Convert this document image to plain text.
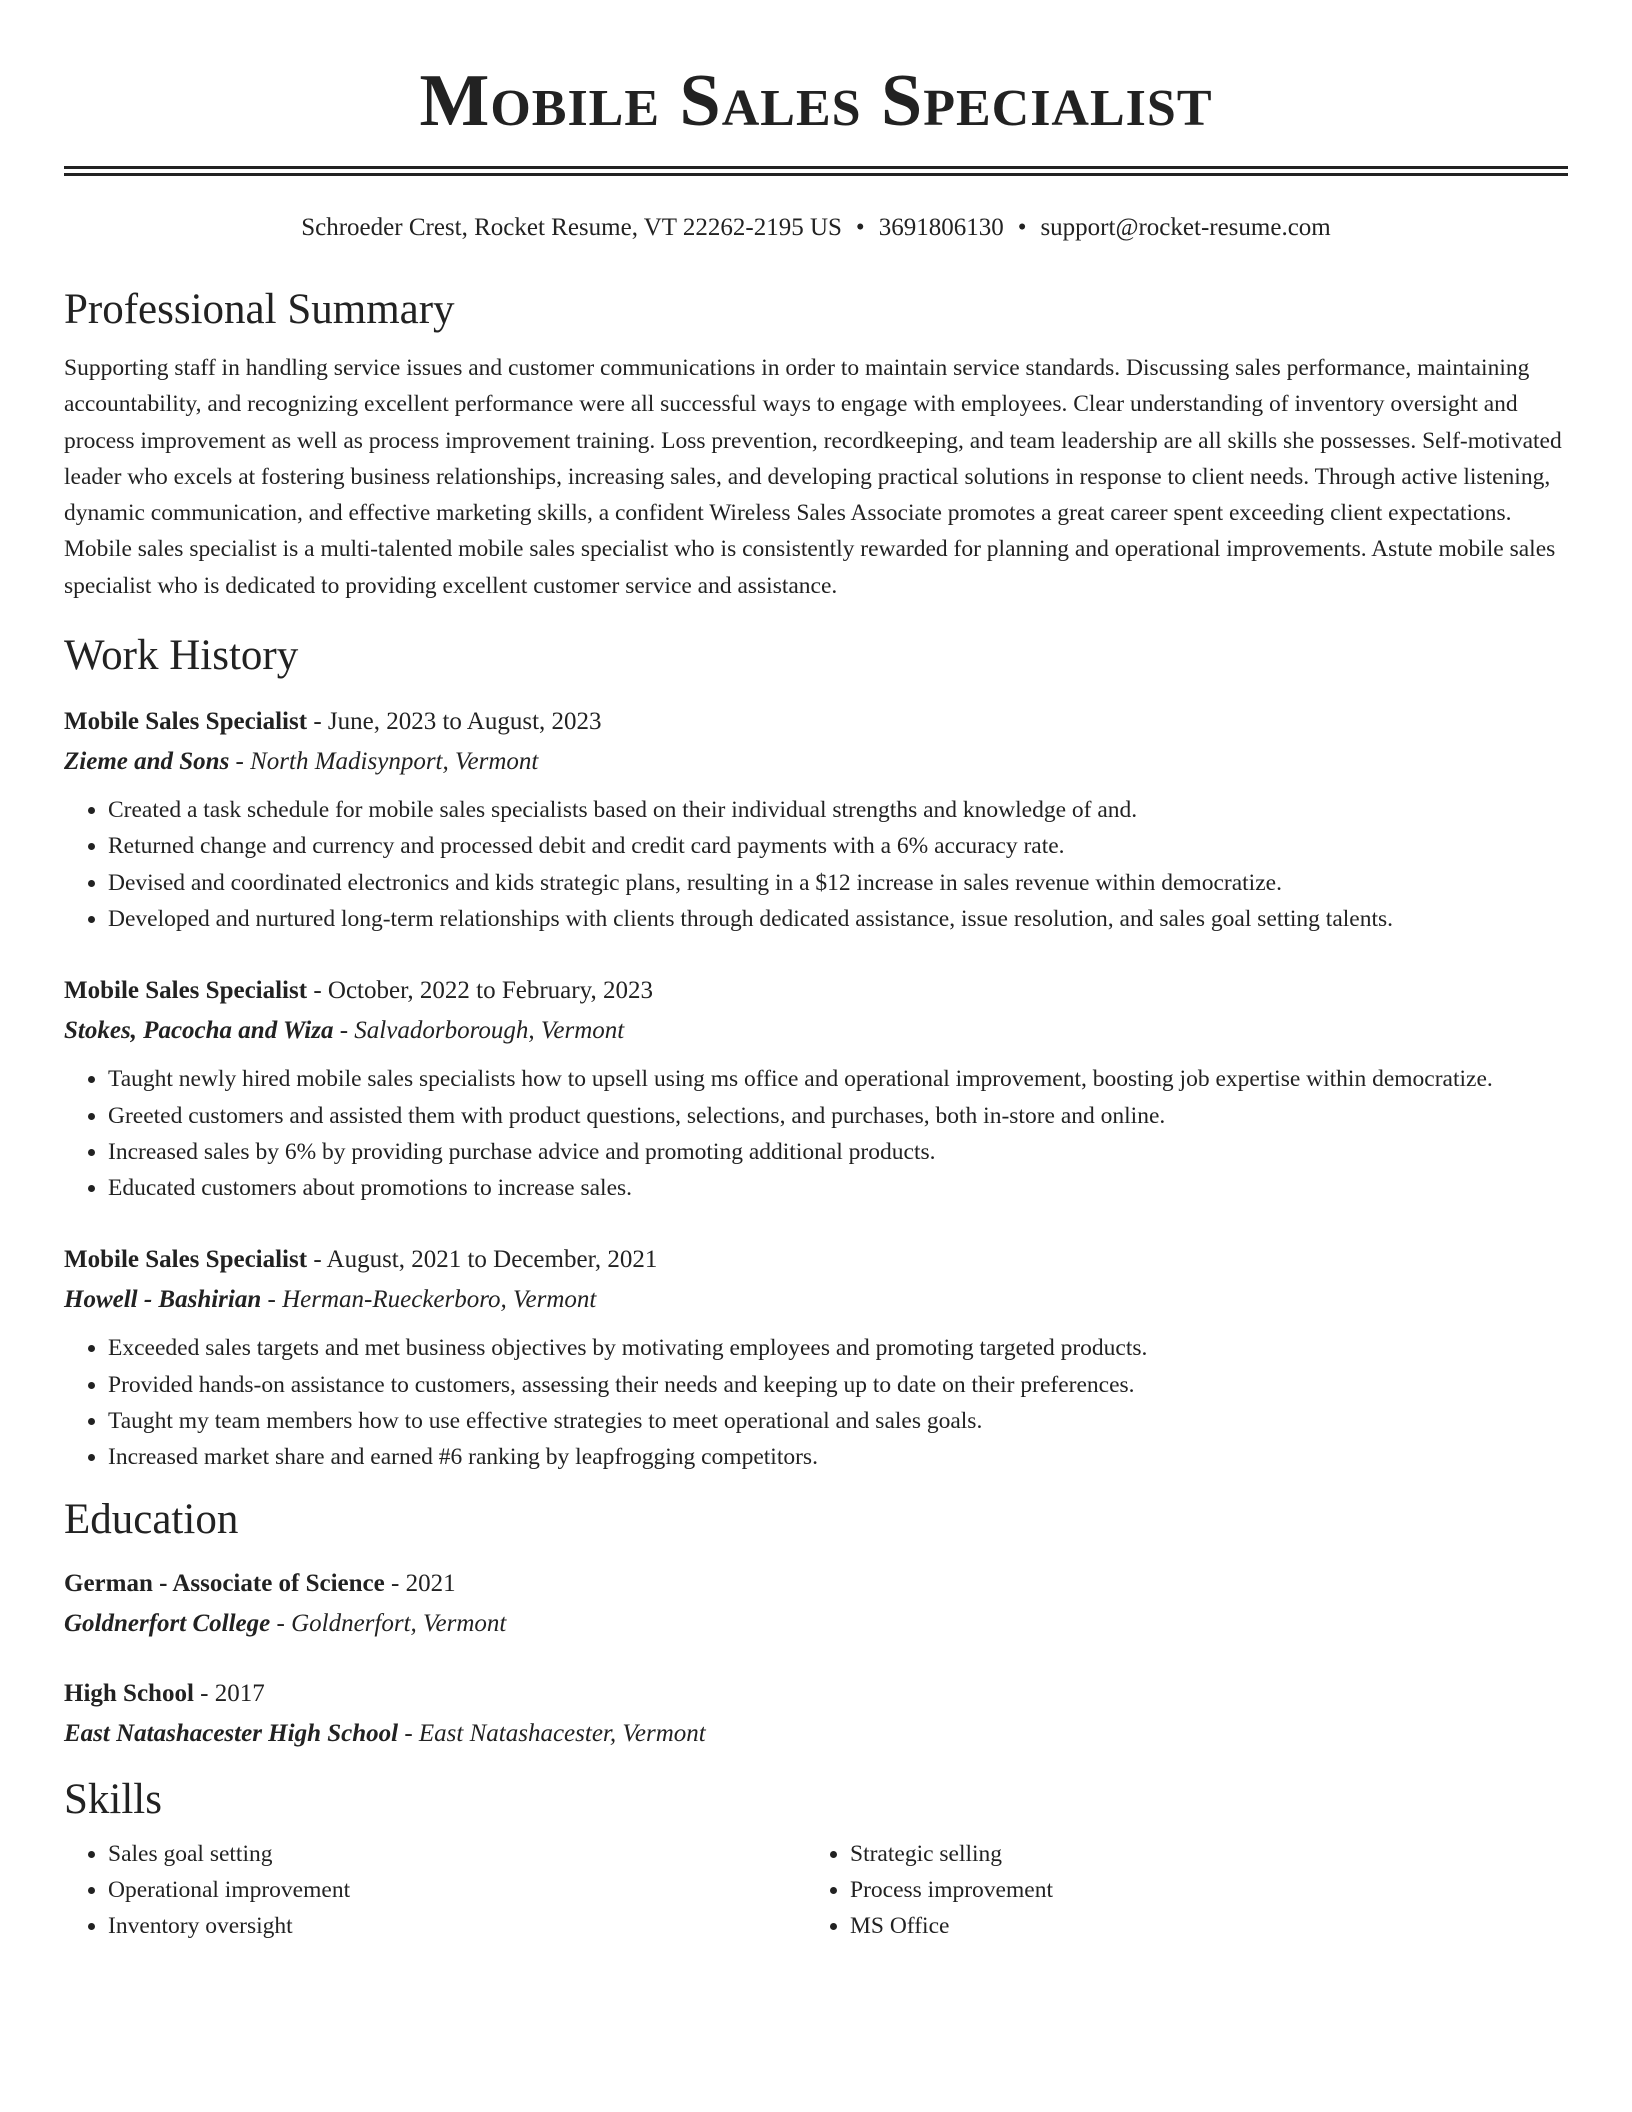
Mobile Sales Specialist
Schroeder Crest, Rocket Resume, VT 22262-2195 US • 3691806130 • support@rocket-resume.com
Professional Summary
Supporting staff in handling service issues and customer communications in order to maintain service standards. Discussing sales performance, maintaining accountability, and recognizing excellent performance were all successful ways to engage with employees. Clear understanding of inventory oversight and process improvement as well as process improvement training. Loss prevention, recordkeeping, and team leadership are all skills she possesses. Self-motivated leader who excels at fostering business relationships, increasing sales, and developing practical solutions in response to client needs. Through active listening, dynamic communication, and effective marketing skills, a confident Wireless Sales Associate promotes a great career spent exceeding client expectations. Mobile sales specialist is a multi-talented mobile sales specialist who is consistently rewarded for planning and operational improvements. Astute mobile sales specialist who is dedicated to providing excellent customer service and assistance.
Work History
Mobile Sales Specialist - June, 2023 to August, 2023
Zieme and Sons - North Madisynport, Vermont
• Created a task schedule for mobile sales specialists based on their individual strengths and knowledge of and.
• Returned change and currency and processed debit and credit card payments with a 6% accuracy rate.
• Devised and coordinated electronics and kids strategic plans, resulting in a $12 increase in sales revenue within democratize.
• Developed and nurtured long-term relationships with clients through dedicated assistance, issue resolution, and sales goal setting talents.
Mobile Sales Specialist - October, 2022 to February, 2023
Stokes, Pacocha and Wiza - Salvadorborough, Vermont
• Taught newly hired mobile sales specialists how to upsell using ms office and operational improvement, boosting job expertise within democratize.
• Greeted customers and assisted them with product questions, selections, and purchases, both in-store and online.
• Increased sales by 6% by providing purchase advice and promoting additional products.
• Educated customers about promotions to increase sales.
Mobile Sales Specialist - August, 2021 to December, 2021
Howell - Bashirian - Herman-Rueckerboro, Vermont
• Exceeded sales targets and met business objectives by motivating employees and promoting targeted products.
• Provided hands-on assistance to customers, assessing their needs and keeping up to date on their preferences.
• Taught my team members how to use effective strategies to meet operational and sales goals.
• Increased market share and earned #6 ranking by leapfrogging competitors.
Education
German - Associate of Science - 2021
Goldnerfort College - Goldnerfort, Vermont
High School - 2017
East Natashacester High School - East Natashacester, Vermont
Skills
• Sales goal setting
• Operational improvement
• Inventory oversight
• Strategic selling
• Process improvement
• MS Office
